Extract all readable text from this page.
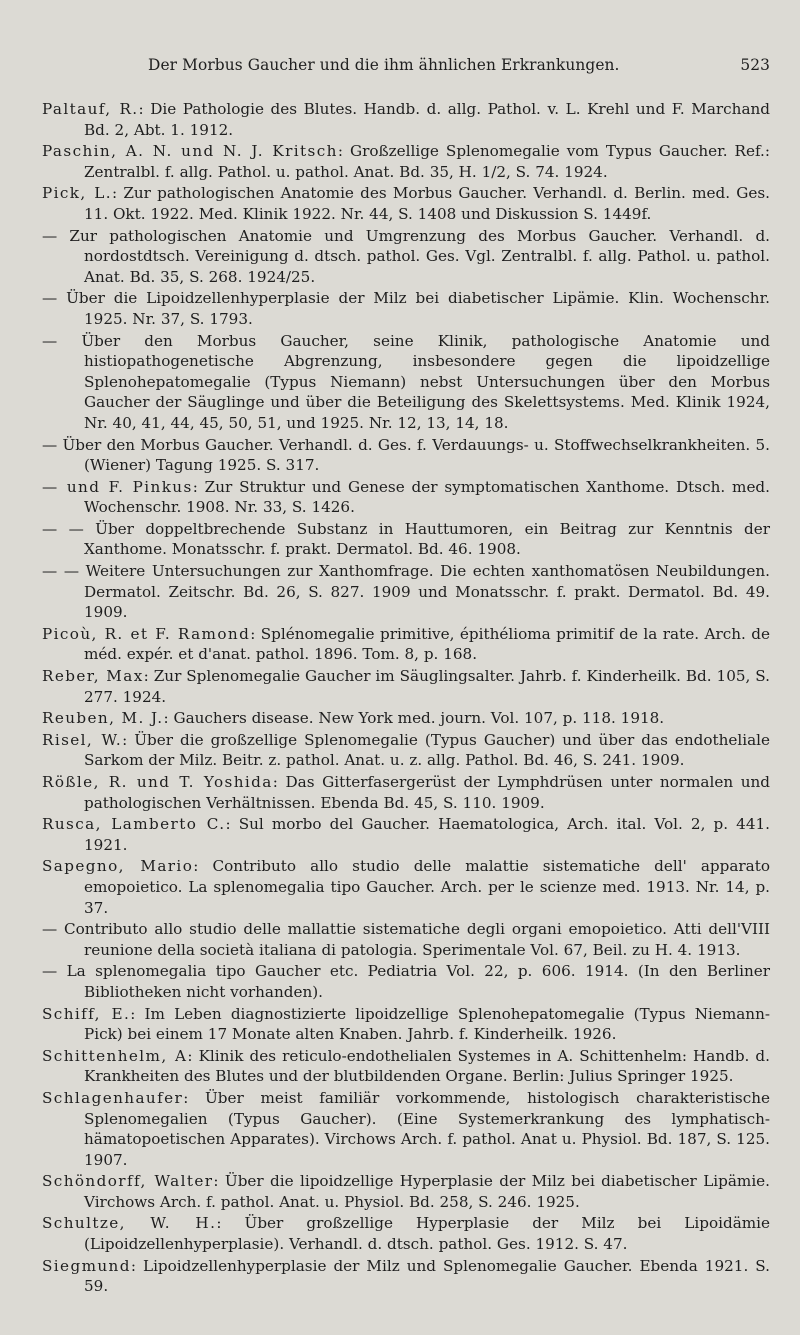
Der Morbus Gaucher und die ihm ähnlichen Erkrankungen.	523

Paltauf, R.: Die Pathologie des Blutes. Handb. d. allg. Pathol. v. L. Krehl und F. Marchand Bd. 2, Abt. 1. 1912.

Paschin, A. N. und N. J. Kritsch: Großzellige Splenomegalie vom Typus Gaucher. Ref.: Zentralbl. f. allg. Pathol. u. pathol. Anat. Bd. 35, H. 1/2, S. 74. 1924.

Pick, L.: Zur pathologischen Anatomie des Morbus Gaucher. Verhandl. d. Berlin. med. Ges. 11. Okt. 1922. Med. Klinik 1922. Nr. 44, S. 1408 und Diskussion S. 1449f.

— Zur pathologischen Anatomie und Umgrenzung des Morbus Gaucher. Verhandl. d. nordostdtsch. Vereinigung d. dtsch. pathol. Ges. Vgl. Zentralbl. f. allg. Pathol. u. pathol. Anat. Bd. 35, S. 268. 1924/25.

— Über die Lipoidzellenhyperplasie der Milz bei diabetischer Lipämie. Klin. Wochenschr. 1925. Nr. 37, S. 1793.

— Über den Morbus Gaucher, seine Klinik, pathologische Anatomie und histiopathogenetische Abgrenzung, insbesondere gegen die lipoidzellige Splenohepatomegalie (Typus Niemann) nebst Untersuchungen über den Morbus Gaucher der Säuglinge und über die Beteiligung des Skelettsystems. Med. Klinik 1924, Nr. 40, 41, 44, 45, 50, 51, und 1925. Nr. 12, 13, 14, 18.

— Über den Morbus Gaucher. Verhandl. d. Ges. f. Verdauungs- u. Stoffwechselkrankheiten. 5. (Wiener) Tagung 1925. S. 317.

— und F. Pinkus: Zur Struktur und Genese der symptomatischen Xanthome. Dtsch. med. Wochenschr. 1908. Nr. 33, S. 1426.

— — Über doppeltbrechende Substanz in Hauttumoren, ein Beitrag zur Kenntnis der Xanthome. Monatsschr. f. prakt. Dermatol. Bd. 46. 1908.

— — Weitere Untersuchungen zur Xanthomfrage. Die echten xanthomatösen Neubildungen. Dermatol. Zeitschr. Bd. 26, S. 827. 1909 und Monatsschr. f. prakt. Dermatol. Bd. 49. 1909.

Picoù, R. et F. Ramond: Splénomegalie primitive, épithélioma primitif de la rate. Arch. de méd. expér. et d'anat. pathol. 1896. Tom. 8, p. 168.

Reber, Max: Zur Splenomegalie Gaucher im Säuglingsalter. Jahrb. f. Kinderheilk. Bd. 105, S. 277. 1924.

Reuben, M. J.: Gauchers disease. New York med. journ. Vol. 107, p. 118. 1918.

Risel, W.: Über die großzellige Splenomegalie (Typus Gaucher) und über das endotheliale Sarkom der Milz. Beitr. z. pathol. Anat. u. z. allg. Pathol. Bd. 46, S. 241. 1909.

Rößle, R. und T. Yoshida: Das Gitterfasergerüst der Lymphdrüsen unter normalen und pathologischen Verhältnissen. Ebenda Bd. 45, S. 110. 1909.

Rusca, Lamberto C.: Sul morbo del Gaucher. Haematologica, Arch. ital. Vol. 2, p. 441. 1921.

Sapegno, Mario: Contributo allo studio delle malattie sistematiche dell' apparato emopoietico. La splenomegalia tipo Gaucher. Arch. per le scienze med. 1913. Nr. 14, p. 37.

— Contributo allo studio delle mallattie sistematiche degli organi emopoietico. Atti dell'VIII reunione della società italiana di patologia. Sperimentale Vol. 67, Beil. zu H. 4. 1913.

— La splenomegalia tipo Gaucher etc. Pediatria Vol. 22, p. 606. 1914. (In den Berliner Bibliotheken nicht vorhanden).

Schiff, E.: Im Leben diagnostizierte lipoidzellige Splenohepatomegalie (Typus Niemann-Pick) bei einem 17 Monate alten Knaben. Jahrb. f. Kinderheilk. 1926.

Schittenhelm, A: Klinik des reticulo-endothelialen Systemes in A. Schittenhelm: Handb. d. Krankheiten des Blutes und der blutbildenden Organe. Berlin: Julius Springer 1925.

Schlagenhaufer: Über meist familiär vorkommende, histologisch charakteristische Splenomegalien (Typus Gaucher). (Eine Systemerkrankung des lymphatisch-hämatopoetischen Apparates). Virchows Arch. f. pathol. Anat u. Physiol. Bd. 187, S. 125. 1907.

Schöndorff, Walter: Über die lipoidzellige Hyperplasie der Milz bei diabetischer Lipämie. Virchows Arch. f. pathol. Anat. u. Physiol. Bd. 258, S. 246. 1925.

Schultze, W. H.: Über großzellige Hyperplasie der Milz bei Lipoidämie (Lipoidzellenhyperplasie). Verhandl. d. dtsch. pathol. Ges. 1912. S. 47.

Siegmund: Lipoidzellenhyperplasie der Milz und Splenomegalie Gaucher. Ebenda 1921. S. 59.
